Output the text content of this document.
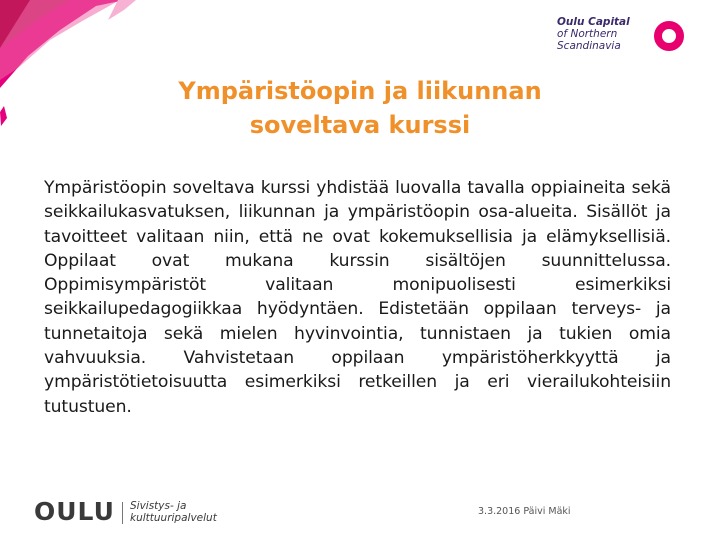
Oulu Capital
of Northern
Scandinavia
Ympäristöopin ja liikunnan
soveltava kurssi
Ympäristöopin soveltava kurssi yhdistää luovalla tavalla oppiaineita sekä seikkailukasvatuksen, liikunnan ja ympäristöopin osa-alueita. Sisällöt ja tavoitteet valitaan niin, että ne ovat kokemuksellisia ja elämyksellisiä. Oppilaat ovat mukana kurssin sisältöjen suunnittelussa. Oppimisympäristöt valitaan monipuolisesti esimerkiksi seikkailupedagogiikkaa hyödyntäen. Edistetään oppilaan terveys- ja tunnetaitoja sekä mielen hyvinvointia, tunnistaen ja tukien omia vahvuuksia. Vahvistetaan oppilaan ympäristöherkkyyttä ja ympäristötietoisuutta esimerkiksi retkeillen ja eri vierailukohteisiin tutustuen.
OULU Sivistys- ja
kulttuuripalvelut
3.3.2016 Päivi Mäki
